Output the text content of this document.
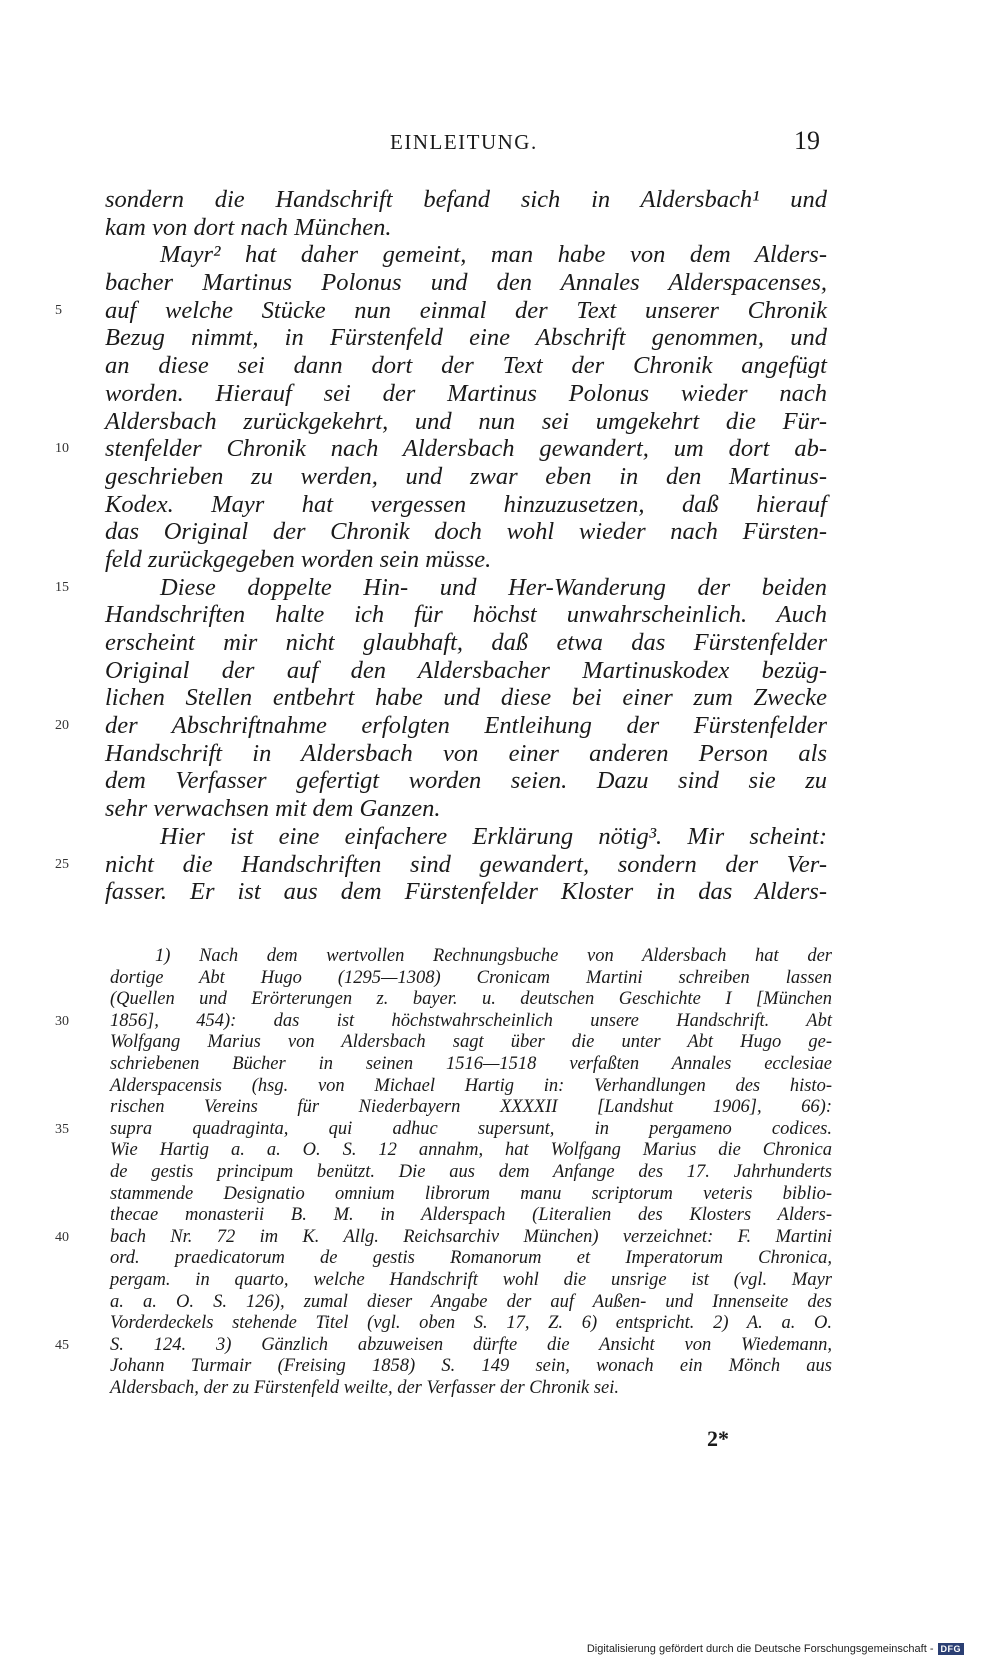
EINLEITUNG.	19
sondern die Handschrift befand sich in Aldersbach¹ und
kam von dort nach München.
Mayr² hat daher gemeint, man habe von dem Alders-
bacher Martinus Polonus und den Annales Alderspacenses,
5	auf welche Stücke nun einmal der Text unserer Chronik
Bezug nimmt, in Fürstenfeld eine Abschrift genommen, und
an diese sei dann dort der Text der Chronik angefügt
worden. Hierauf sei der Martinus Polonus wieder nach
Aldersbach zurückgekehrt, und nun sei umgekehrt die Für-
10	stenfelder Chronik nach Aldersbach gewandert, um dort ab-
geschrieben zu werden, und zwar eben in den Martinus-
Kodex. Mayr hat vergessen hinzuzusetzen, daß hierauf
das Original der Chronik doch wohl wieder nach Fürsten-
feld zurückgegeben worden sein müsse.
15	Diese doppelte Hin- und Her-Wanderung der beiden
Handschriften halte ich für höchst unwahrscheinlich. Auch
erscheint mir nicht glaubhaft, daß etwa das Fürstenfelder
Original der auf den Aldersbacher Martinuskodex bezüg-
lichen Stellen entbehrt habe und diese bei einer zum Zwecke
20	der Abschriftnahme erfolgten Entleihung der Fürstenfelder
Handschrift in Aldersbach von einer anderen Person als
dem Verfasser gefertigt worden seien. Dazu sind sie zu
sehr verwachsen mit dem Ganzen.
Hier ist eine einfachere Erklärung nötig³. Mir scheint:
25	nicht die Handschriften sind gewandert, sondern der Ver-
fasser. Er ist aus dem Fürstenfelder Kloster in das Alders-
1) Nach dem wertvollen Rechnungsbuche von Aldersbach hat der
dortige Abt Hugo (1295—1308) Cronicam Martini schreiben lassen
(Quellen und Erörterungen z. bayer. u. deutschen Geschichte I [München
30	1856], 454): das ist höchstwahrscheinlich unsere Handschrift. Abt
Wolfgang Marius von Aldersbach sagt über die unter Abt Hugo ge-
schriebenen Bücher in seinen 1516—1518 verfaßten Annales ecclesiae
Alderspacensis (hsg. von Michael Hartig in: Verhandlungen des histo-
rischen Vereins für Niederbayern XXXXII [Landshut 1906], 66):
35	supra quadraginta, qui adhuc supersunt, in pergameno codices.
Wie Hartig a. a. O. S. 12 annahm, hat Wolfgang Marius die Chronica
de gestis principum benützt. Die aus dem Anfange des 17. Jahrhunderts
stammende Designatio omnium librorum manu scriptorum veteris biblio-
thecae monasterii B. M. in Alderspach (Literalien des Klosters Alders-
40	bach Nr. 72 im K. Allg. Reichsarchiv München) verzeichnet: F. Martini
ord. praedicatorum de gestis Romanorum et Imperatorum Chronica,
pergam. in quarto, welche Handschrift wohl die unsrige ist (vgl. Mayr
a. a. O. S. 126), zumal dieser Angabe der auf Außen- und Innenseite des
Vorderdeckels stehende Titel (vgl. oben S. 17, Z. 6) entspricht. 2) A. a. O.
45	S. 124. 3) Gänzlich abzuweisen dürfte die Ansicht von Wiedemann,
Johann Turmair (Freising 1858) S. 149 sein, wonach ein Mönch aus
Aldersbach, der zu Fürstenfeld weilte, der Verfasser der Chronik sei.
2*
Digitalisierung gefördert durch die Deutsche Forschungsgemeinschaft - DFG
